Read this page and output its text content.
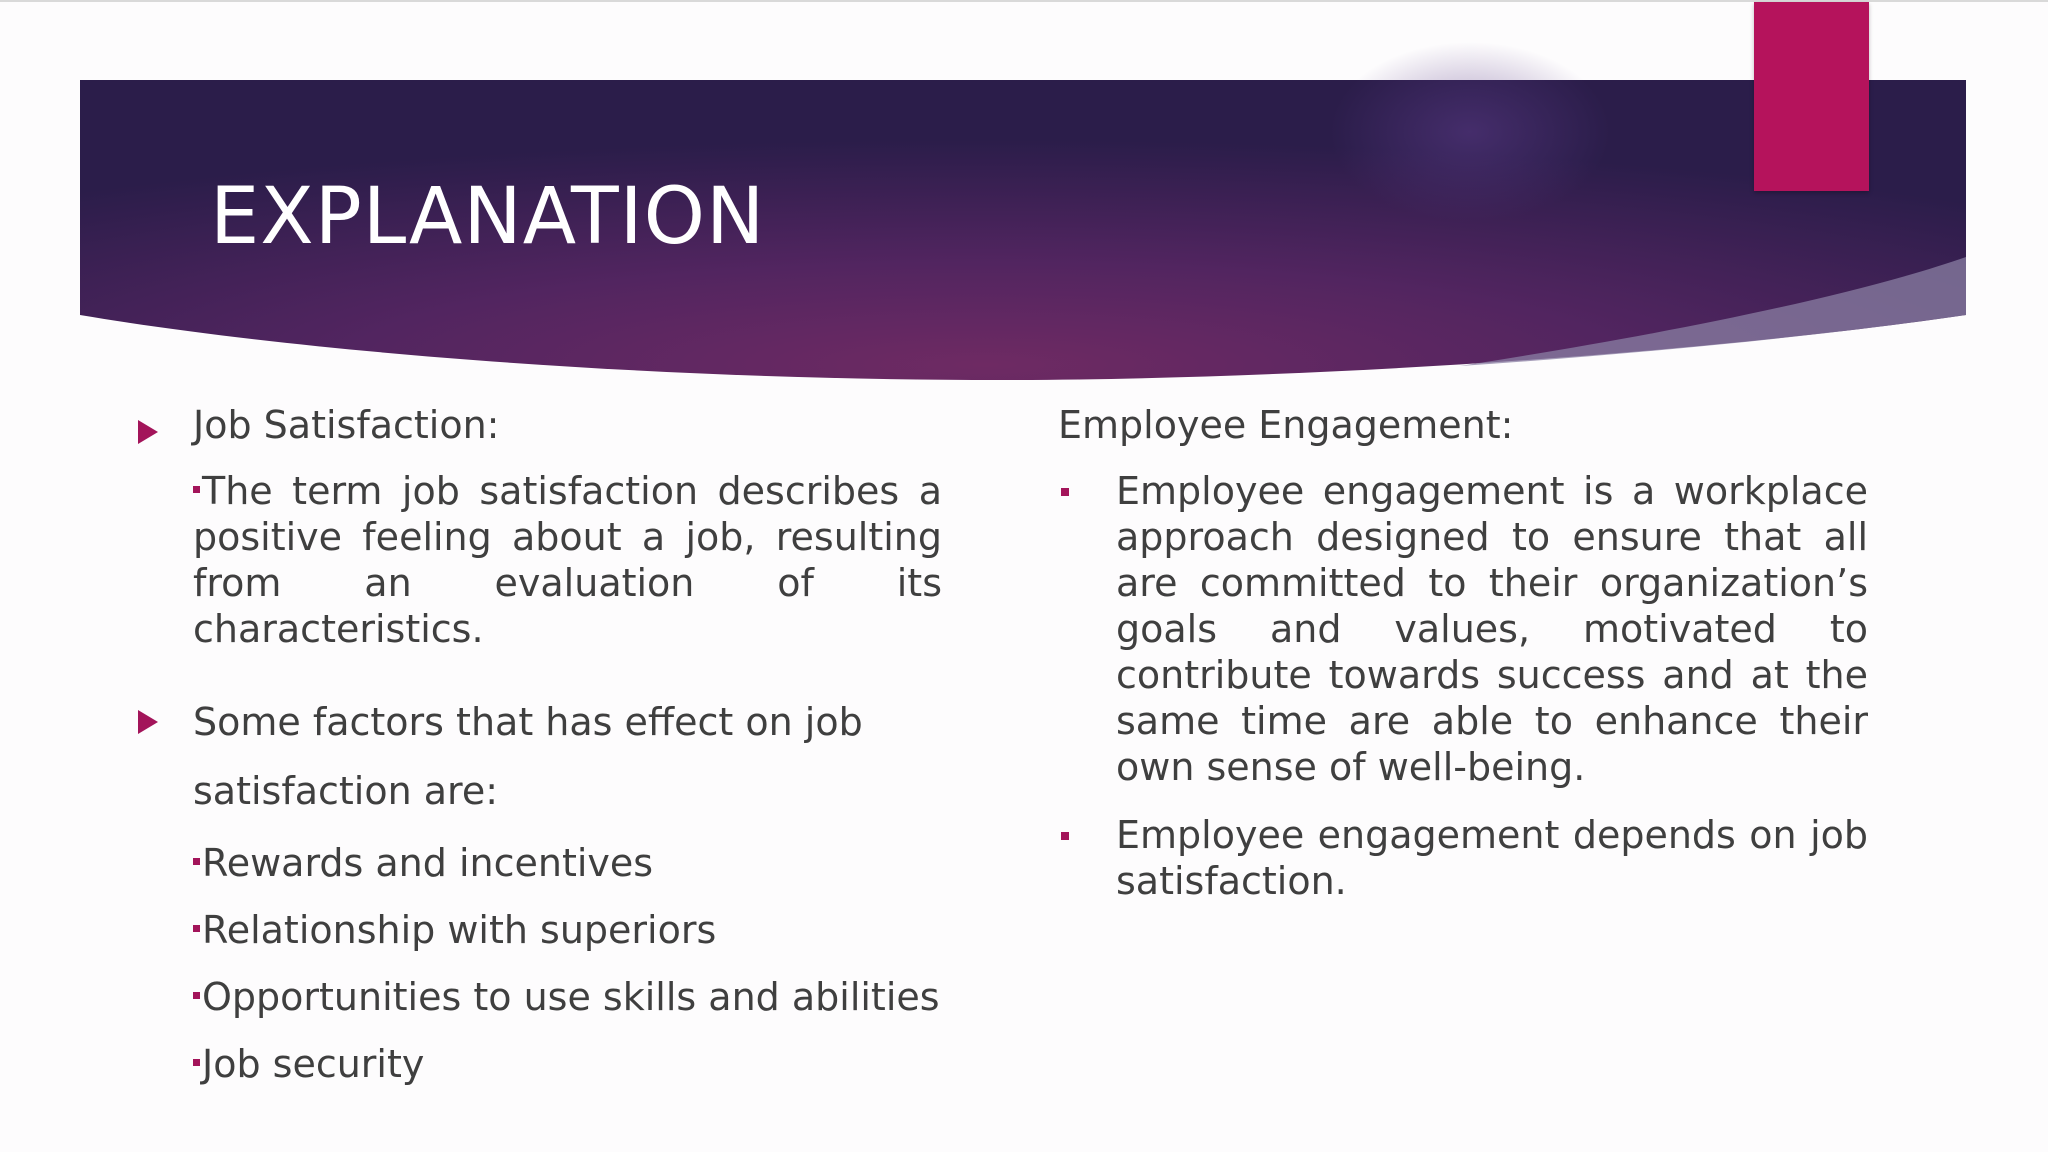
EXPLANATION
Job Satisfaction:
The term job satisfaction describes a positive feeling about a job, resulting from an evaluation of its characteristics.
Some factors that has effect on job
satisfaction are:
Rewards and incentives
Relationship with superiors
Opportunities to use skills and abilities
Job security
Employee Engagement:
Employee engagement is a workplace approach designed to ensure that all are committed to their organization’s goals and values, motivated to contribute towards success and at the same time are able to enhance their own sense of well-being.
Employee engagement depends on job satisfaction.
